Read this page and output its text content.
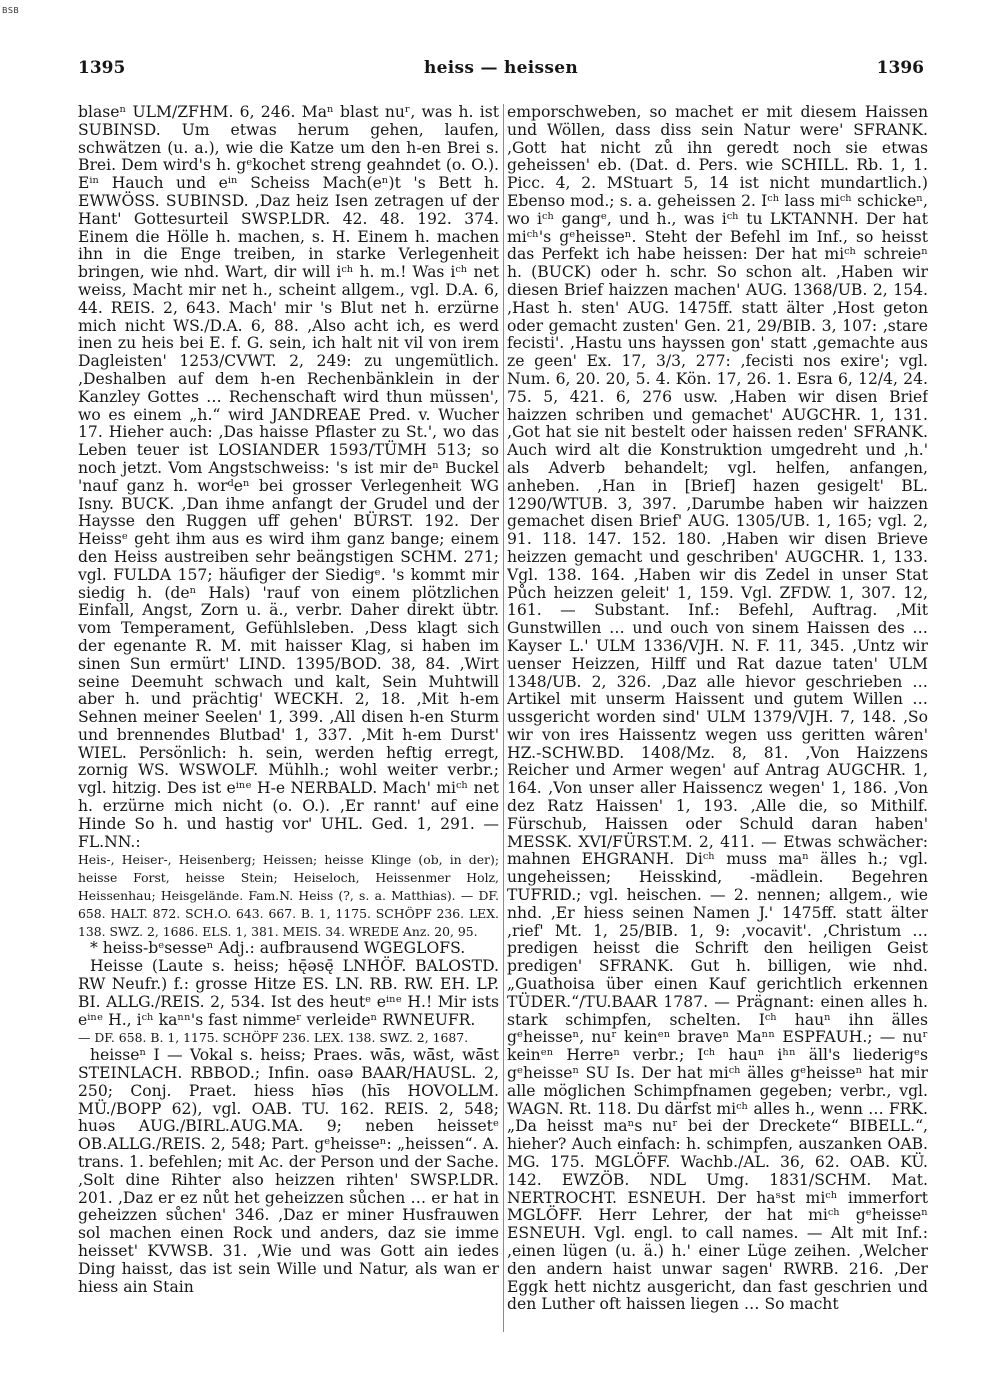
BSB
1395	heiss — heissen	1396

blaseⁿ ULM/ZFHM. 6, 246. Maⁿ blast nuʳ, was h. ist SUBINSD. Um etwas herum gehen, laufen, schwätzen (u. a.), wie die Katze um den h-en Brei s. Brei. Dem wird's h. gᵉkochet streng geahndet (o. O.). Eⁱⁿ Hauch und eⁱⁿ Scheiss Mach(eⁿ)t 's Bett h. EWWÖSS. SUBINSD. ‚Daz heiz Isen zetragen uf der Hant' Gottesurteil SWSP.LDR. 42. 48. 192. 374. Einem die Hölle h. machen, s. H. Einem h. machen ihn in die Enge treiben, in starke Verlegenheit bringen, wie nhd. Wart, dir will iᶜʰ h. m.! Was iᶜʰ net weiss, Macht mir net h., scheint allgem., vgl. D.A. 6, 44. REIS. 2, 643. Mach' mir 's Blut net h. erzürne mich nicht WS./D.A. 6, 88. ‚Also acht ich, es werd inen zu heis bei E. f. G. sein, ich halt nit vil von irem Dagleisten' 1253/CVWT. 2, 249: zu ungemütlich. ‚Deshalben auf dem h-en Rechenbänklein in der Kanzley Gottes … Rechenschaft wird thun müssen', wo es einem „h.“ wird JANDREAE Pred. v. Wucher 17. Hieher auch: ‚Das haisse Pflaster zu St.', wo das Leben teuer ist LOSIANDER 1593/TÜMH 513; so noch jetzt. Vom Angstschweiss: 's ist mir deⁿ Buckel 'nauf ganz h. worᵈeⁿ bei grosser Verlegenheit WG Isny. BUCK. ‚Dan ihme anfangt der Grudel und der Haysse den Ruggen uff gehen' BÜRST. 192. Der Heissᵉ geht ihm aus es wird ihm ganz bange; einem den Heiss austreiben sehr beängstigen SCHM. 271; vgl. FULDA 157; häufiger der Siedigᵉ. 's kommt mir siedig h. (deⁿ Hals) 'rauf von einem plötzlichen Einfall, Angst, Zorn u. ä., verbr. Daher direkt übtr. vom Temperament, Gefühlsleben. ‚Dess klagt sich der egenante R. M. mit haisser Klag, si haben im sinen Sun ermürt' LIND. 1395/BOD. 38, 84. ‚Wirt seine Deemuht schwach und kalt, Sein Muhtwill aber h. und prächtig' WECKH. 2, 18. ‚Mit h-em Sehnen meiner Seelen' 1, 399. ‚All disen h-en Sturm und brennendes Blutbad' 1, 337. ‚Mit h-em Durst' WIEL. Persönlich: h. sein, werden heftig erregt, zornig WS. WSWOLF. Mühlh.; wohl weiter verbr.; vgl. hitzig. Des ist eⁱⁿᵉ H-e NERBALD. Mach' miᶜʰ net h. erzürne mich nicht (o. O.). ‚Er rannt' auf eine Hinde So h. und hastig vor' UHL. Ged. 1, 291. — FL.NN.:

Heis-, Heiser-, Heisenberg; Heissen; heisse Klinge (ob, in der); heisse Forst, heisse Stein; Heiseloch, Heissenmer Holz, Heissenhau; Heisgelände. Fam.N. Heiss (?, s. a. Matthias). — DF. 658. HALT. 872. SCH.O. 643. 667. B. 1, 1175. SCHÖPF 236. LEX. 138. SWZ. 2, 1686. ELS. 1, 381. MEIS. 34. WREDE Anz. 20, 95.

* heiss-bᵉsesseⁿ Adj.: aufbrausend WGEGLOFS.

Heisse (Laute s. heiss; hę̄əsę̄ LNHÖF. BALOSTD. RW Neufr.) f.: grosse Hitze ES. LN. RB. RW. EH. LP. BI. ALLG./REIS. 2, 534. Ist des heutᵉ eⁱⁿᵉ H.! Mir ists eⁱⁿᵉ H., iᶜʰ kaⁿⁿ's fast nimmeʳ verleideⁿ RWNEUFR.

— DF. 658. B. 1, 1175. SCHÖPF 236. LEX. 138. SWZ. 2, 1687.

heisseⁿ I — Vokal s. heiss; Praes. wā̄s, wā̄st, wā̄st STEINLACH. RBBOD.; Infin. oasə BAAR/HAUSL. 2, 250; Conj. Praet. hiess hīəs (hīs HOVOLLM. MÜ./BOPP 62), vgl. OAB. TU. 162. REIS. 2, 548; huəs AUG./BIRL.AUG.MA. 9; neben heissetᵉ OB.ALLG./REIS. 2, 548; Part. gᵉheisseⁿ: „heissen“. A. trans. 1. befehlen; mit Ac. der Person und der Sache. ‚Solt dine Rihter also heizzen rihten' SWSP.LDR. 201. ‚Daz er ez nůt het geheizzen sůchen … er hat in geheizzen sůchen' 346. ‚Daz er miner Husfrauwen sol machen einen Rock und anders, daz sie imme heisset' KVWSB. 31. ‚Wie und was Gott ain iedes Ding haisst, das ist sein Wille und Natur, als wan er hiess ain Stain

emporschweben, so machet er mit diesem Haissen und Wöllen, dass diss sein Natur were' SFRANK. ‚Gott hat nicht zů ihn geredt noch sie etwas geheissen' eb. (Dat. d. Pers. wie SCHILL. Rb. 1, 1. Picc. 4, 2. MStuart 5, 14 ist nicht mundartlich.) Ebenso mod.; s. a. geheissen 2. Iᶜʰ lass miᶜʰ schickeⁿ, wo iᶜʰ gangᵉ, und h., was iᶜʰ tu LKTANNH. Der hat miᶜʰ's gᵉheisseⁿ. Steht der Befehl im Inf., so heisst das Perfekt ich habe heissen: Der hat miᶜʰ schreieⁿ h. (BUCK) oder h. schr. So schon alt. ‚Haben wir diesen Brief haizzen machen' AUG. 1368/UB. 2, 154. ‚Hast h. sten' AUG. 1475ff. statt älter ‚Host geton oder gemacht zusten' Gen. 21, 29/BIB. 3, 107: ‚stare fecisti'. ‚Hastu uns hayssen gon' statt ‚gemachte aus ze geen' Ex. 17, 3/3, 277: ‚fecisti nos exire'; vgl. Num. 6, 20. 20, 5. 4. Kön. 17, 26. 1. Esra 6, 12/4, 24. 75. 5, 421. 6, 276 usw. ‚Haben wir disen Brief haizzen schriben und gemachet' AUGCHR. 1, 131. ‚Got hat sie nit bestelt oder haissen reden' SFRANK. Auch wird alt die Konstruktion umgedreht und ‚h.' als Adverb behandelt; vgl. helfen, anfangen, anheben. ‚Han in [Brief] hazen gesigelt' BL. 1290/WTUB. 3, 397. ‚Darumbe haben wir haizzen gemachet disen Brief' AUG. 1305/UB. 1, 165; vgl. 2, 91. 118. 147. 152. 180. ‚Haben wir disen Brieve heizzen gemacht und geschriben' AUGCHR. 1, 133. Vgl. 138. 164. ‚Haben wir dis Zedel in unser Stat Půch heizzen geleit' 1, 159. Vgl. ZFDW. 1, 307. 12, 161. — Substant. Inf.: Befehl, Auftrag. ‚Mit Gunstwillen … und ouch von sinem Haissen des … Kayser L.' ULM 1336/VJH. N. F. 11, 345. ‚Untz wir uenser Heizzen, Hilff und Rat dazue taten' ULM 1348/UB. 2, 326. ‚Daz alle hievor geschrieben … Artikel mit unserm Haissent und gutem Willen … ussgericht worden sind' ULM 1379/VJH. 7, 148. ‚So wir von ires Haissentz wegen uss geritten wâren' HZ.-SCHW.BD. 1408/Mz. 8, 81. ‚Von Haizzens Reicher und Armer wegen' auf Antrag AUGCHR. 1, 164. ‚Von unser aller Haissencz wegen' 1, 186. ‚Von dez Ratz Haissen' 1, 193. ‚Alle die, so Mithilf. Fürschub, Haissen oder Schuld daran haben' MESSK. XVI/FÜRST.M. 2, 411. — Etwas schwächer: mahnen EHGRANH. Diᶜʰ muss maⁿ älles h.; vgl. ungeheissen; Heisskind, -mädlein. Begehren TUFRID.; vgl. heischen. — 2. nennen; allgem., wie nhd. ‚Er hiess seinen Namen J.' 1475ff. statt älter ‚rief' Mt. 1, 25/BIB. 1, 9: ‚vocavit'. ‚Christum … predigen heisst die Schrift den heiligen Geist predigen' SFRANK. Gut h. billigen, wie nhd. „Guathoisa über einen Kauf gerichtlich erkennen TÜDER.“/TU.BAAR 1787. — Prägnant: einen alles h. stark schimpfen, schelten. Iᶜʰ hauⁿ ihn älles gᵉheisseⁿ, nuʳ keinᵉⁿ braveⁿ Maⁿⁿ ESPFAUH.; — nuʳ keinᵉⁿ Herreⁿ verbr.; Iᶜʰ hauⁿ iʰⁿ äll's liederigᵉs gᵉheisseⁿ SU Is. Der hat miᶜʰ älles gᵉheisseⁿ hat mir alle möglichen Schimpfnamen gegeben; verbr., vgl. WAGN. Rt. 118. Du därfst miᶜʰ alles h., wenn … FRK. „Da heisst maⁿs nuʳ bei der Dreckete“ BIBELL.“, hieher? Auch einfach: h. schimpfen, auszanken OAB. MG. 175. MGLÖFF. Wachb./AL. 36, 62. OAB. KÜ. 142. EWZÖB. NDL Umg. 1831/SCHM. Mat. NERTROCHT. ESNEUH. Der haˢst miᶜʰ immerfort MGLÖFF. Herr Lehrer, der hat miᶜʰ gᵉheisseⁿ ESNEUH. Vgl. engl. to call names. — Alt mit Inf.: ‚einen lügen (u. ä.) h.' einer Lüge zeihen. ‚Welcher den andern haist unwar sagen' RWRB. 216. ‚Der Eggk hett nichtz ausgericht, dan fast geschrien und den Luther oft haissen liegen … So macht
